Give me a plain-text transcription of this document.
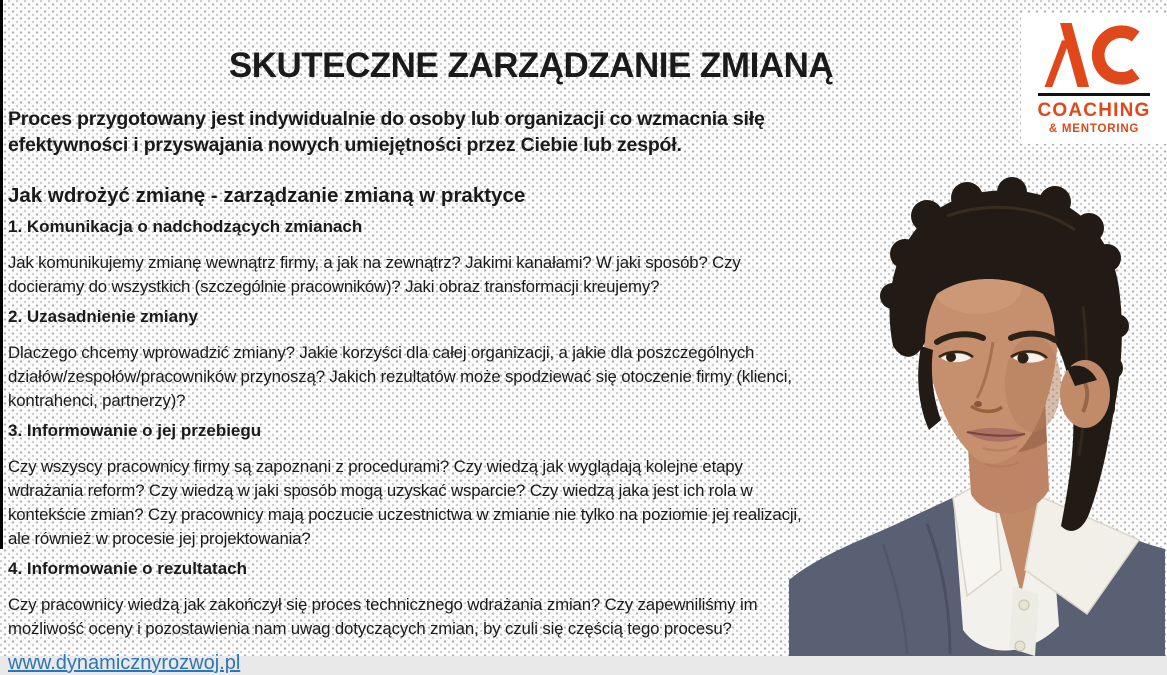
SKUTECZNE ZARZĄDZANIE ZMIANĄ

Proces przygotowany jest indywidualnie do osoby lub organizacji co wzmacnia siłę efektywności i przyswajania nowych umiejętności przez Ciebie lub zespół.

Jak wdrożyć zmianę - zarządzanie zmianą w praktyce
1. Komunikacja o nadchodzących zmianach

Jak komunikujemy zmianę wewnątrz firmy, a jak na zewnątrz? Jakimi kanałami? W jaki sposób? Czy docieramy do wszystkich (szczególnie pracowników)? Jaki obraz transformacji kreujemy?

2. Uzasadnienie zmiany

Dlaczego chcemy wprowadzić zmiany? Jakie korzyści dla całej organizacji, a jakie dla poszczególnych działów/zespołów/pracowników przynoszą? Jakich rezultatów może spodziewać się otoczenie firmy (klienci, kontrahenci, partnerzy)?

3. Informowanie o jej przebiegu

Czy wszyscy pracownicy firmy są zapoznani z procedurami? Czy wiedzą jak wyglądają kolejne etapy wdrażania reform? Czy wiedzą w jaki sposób mogą uzyskać wsparcie? Czy wiedzą jaka jest ich rola w kontekście zmian? Czy pracownicy mają poczucie uczestnictwa w zmianie nie tylko na poziomie jej realizacji, ale również w procesie jej projektowania?

4. Informowanie o rezultatach

Czy pracownicy wiedzą jak zakończył się proces technicznego wdrażania zmian? Czy zapewniliśmy im możliwość oceny i pozostawienia nam uwag dotyczących zmian, by czuli się częścią tego procesu?

www.dynamicznyrozwoj.pl
COACHING
& MENTORING
